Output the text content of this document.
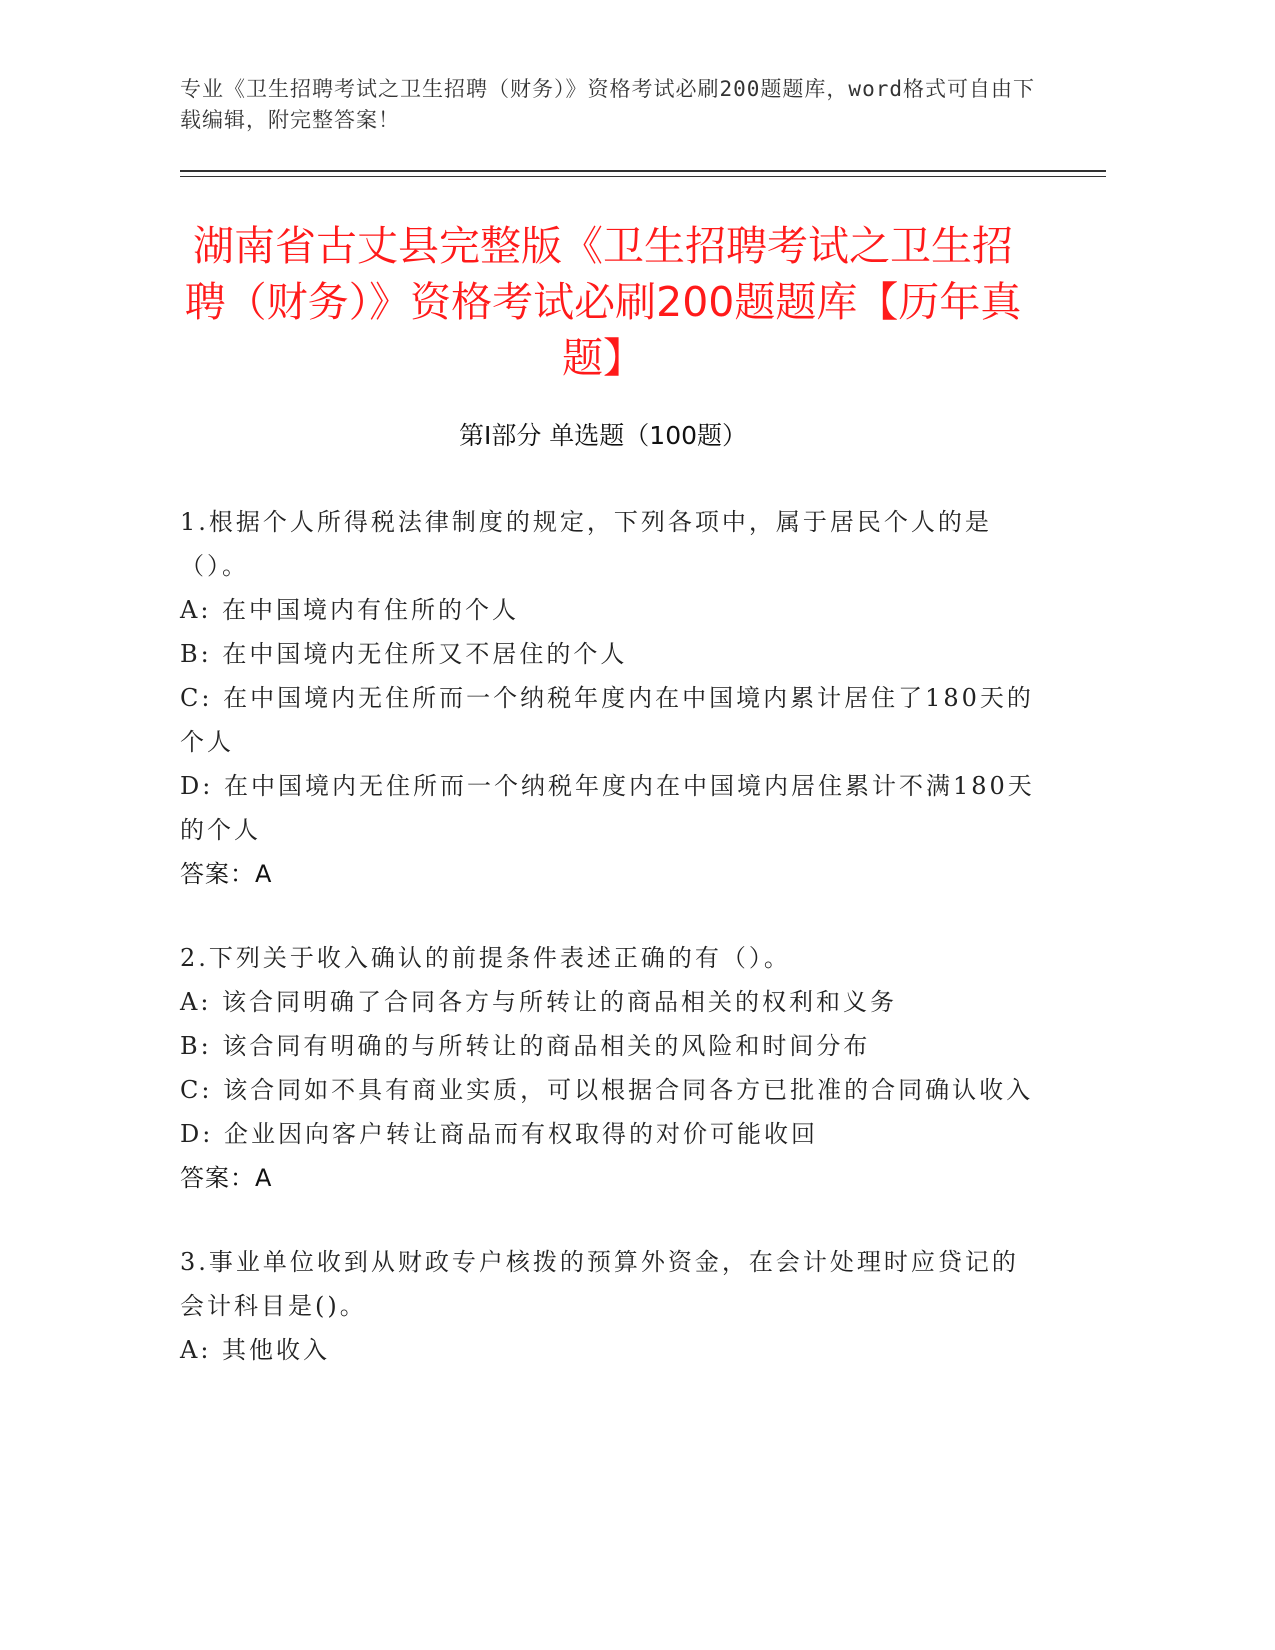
专业《卫生招聘考试之卫生招聘（财务）》资格考试必刷200题题库，word格式可自由下载编辑，附完整答案！
湖南省古丈县完整版《卫生招聘考试之卫生招聘（财务）》资格考试必刷200题题库【历年真题】
第Ⅰ部分 单选题（100题）
1.根据个人所得税法律制度的规定，下列各项中，属于居民个人的是（）。
A: 在中国境内有住所的个人
B: 在中国境内无住所又不居住的个人
C: 在中国境内无住所而一个纳税年度内在中国境内累计居住了180天的个人
D: 在中国境内无住所而一个纳税年度内在中国境内居住累计不满180天的个人
答案：A
2.下列关于收入确认的前提条件表述正确的有（）。
A: 该合同明确了合同各方与所转让的商品相关的权利和义务
B: 该合同有明确的与所转让的商品相关的风险和时间分布
C: 该合同如不具有商业实质，可以根据合同各方已批准的合同确认收入
D: 企业因向客户转让商品而有权取得的对价可能收回
答案：A
3.事业单位收到从财政专户核拨的预算外资金，在会计处理时应贷记的会计科目是()。
A: 其他收入
